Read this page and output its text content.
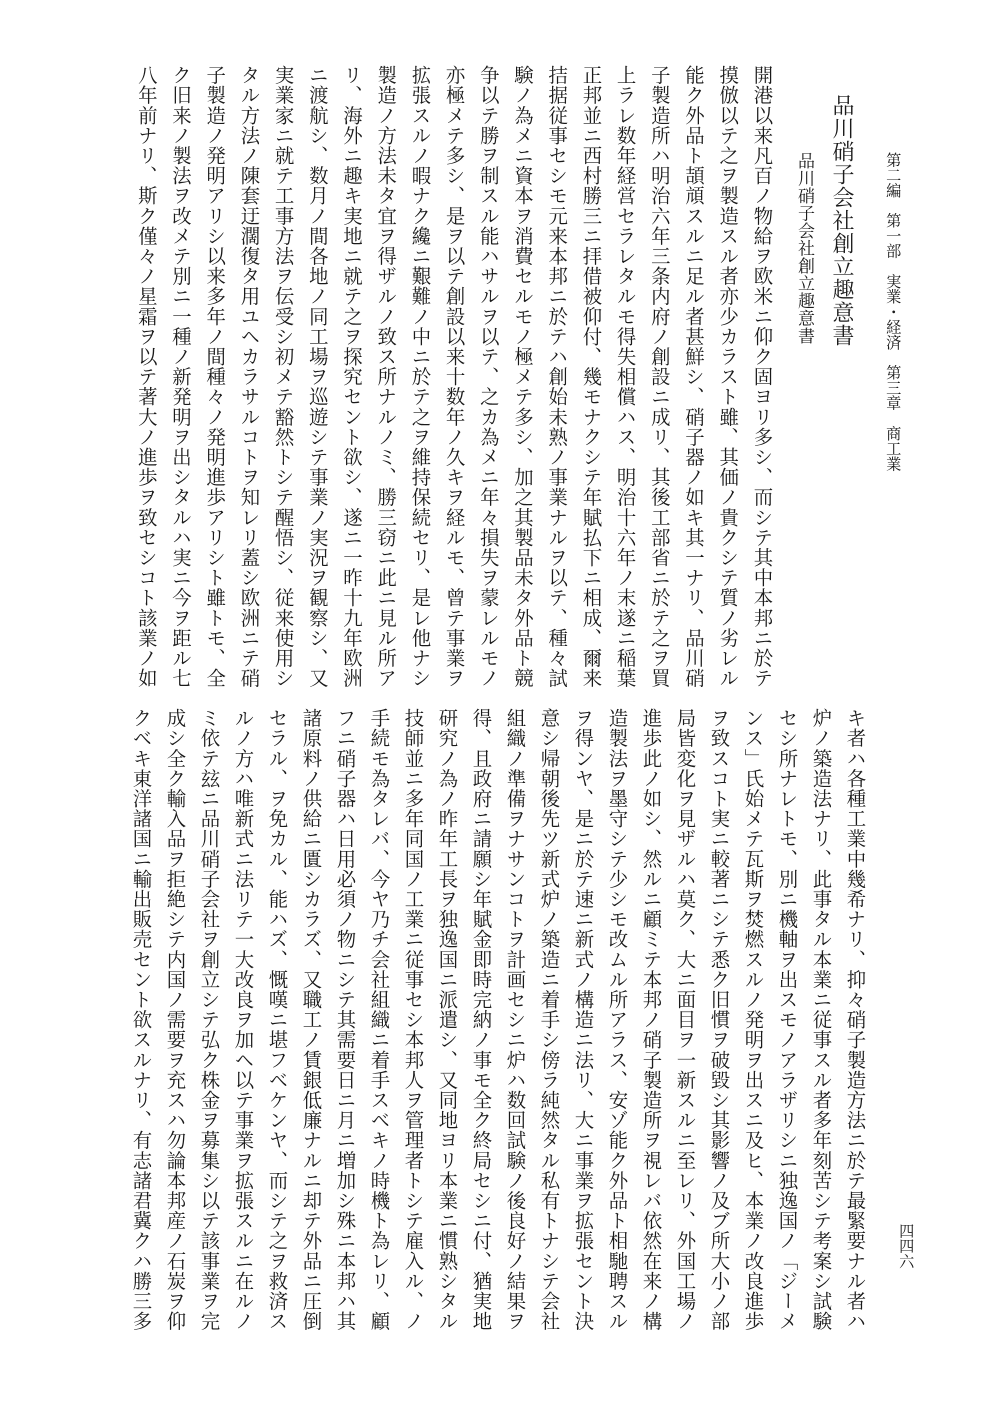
第二編　第一部　実業・経済　第三章　商工業
四四六
品川硝子会社創立趣意書
品川硝子会社創立趣意書
開港以来凡百ノ物給ヲ欧米ニ仰ク固ヨリ多シ、而シテ其中本邦ニ於テ
摸倣以テ之ヲ製造スル者亦少カラスト雖、其価ノ貴クシテ質ノ劣レル
能ク外品ト頡頏スルニ足ル者甚鮮シ、硝子器ノ如キ其一ナリ、品川硝
子製造所ハ明治六年三条内府ノ創設ニ成リ、其後工部省ニ於テ之ヲ買
上ラレ数年経営セラレタルモ得失相償ハス、明治十六年ノ末遂ニ稲葉
正邦並ニ西村勝三ニ拝借被仰付、幾モナクシテ年賦払下ニ相成、爾来
拮据従事セシモ元来本邦ニ於テハ創始未熟ノ事業ナルヲ以テ、種々試
験ノ為メニ資本ヲ消費セルモノ極メテ多シ、加之其製品未タ外品ト競
争以テ勝ヲ制スル能ハサルヲ以テ、之カ為メニ年々損失ヲ蒙レルモノ
亦極メテ多シ、是ヲ以テ創設以来十数年ノ久キヲ経ルモ、曾テ事業ヲ
拡張スルノ暇ナク纔ニ艱難ノ中ニ於テ之ヲ維持保続セリ、是レ他ナシ
製造ノ方法未タ宜ヲ得ザルノ致ス所ナルノミ、勝三窃ニ此ニ見ル所ア
リ、海外ニ趣キ実地ニ就テ之ヲ探究セント欲シ、遂ニ一昨十九年欧洲
ニ渡航シ、数月ノ間各地ノ同工場ヲ巡遊シテ事業ノ実況ヲ観察シ、又
実業家ニ就テ工事方法ヲ伝受シ初メテ豁然トシテ醒悟シ、従来使用シ
タル方法ノ陳套迂濶復タ用ユヘカラサルコトヲ知レリ蓋シ欧洲ニテ硝
子製造ノ発明アリシ以来多年ノ間種々ノ発明進歩アリシト雖トモ、全
ク旧来ノ製法ヲ改メテ別ニ一種ノ新発明ヲ出シタルハ実ニ今ヲ距ル七
八年前ナリ、斯ク僅々ノ星霜ヲ以テ著大ノ進歩ヲ致セシコト該業ノ如
キ者ハ各種工業中幾希ナリ、抑々硝子製造方法ニ於テ最緊要ナル者ハ
炉ノ築造法ナリ、此事タル本業ニ従事スル者多年刻苦シテ考案シ試験
セシ所ナレトモ、別ニ機軸ヲ出スモノアラザリシニ独逸国ノ「ジーメ
ンス」氏始メテ瓦斯ヲ焚燃スルノ発明ヲ出スニ及ヒ、本業ノ改良進歩
ヲ致スコト実ニ較著ニシテ悉ク旧慣ヲ破毀シ其影響ノ及ブ所大小ノ部
局皆変化ヲ見ザルハ莫ク、大ニ面目ヲ一新スルニ至レリ、外国工場ノ
進歩此ノ如シ、然ルニ顧ミテ本邦ノ硝子製造所ヲ視レバ依然在来ノ構
造製法ヲ墨守シテ少シモ改ムル所アラス、安ゾ能ク外品ト相馳聘スル
ヲ得ンヤ、是ニ於テ速ニ新式ノ構造ニ法リ、大ニ事業ヲ拡張セント決
意シ帰朝後先ツ新式炉ノ築造ニ着手シ傍ラ純然タル私有トナシテ会社
組織ノ準備ヲナサンコトヲ計画セシニ炉ハ数回試験ノ後良好ノ結果ヲ
得、且政府ニ請願シ年賦金即時完納ノ事モ全ク終局セシニ付、猶実地
研究ノ為ノ昨年工長ヲ独逸国ニ派遣シ、又同地ヨリ本業ニ慣熟シタル
技師並ニ多年同国ノ工業ニ従事セシ本邦人ヲ管理者トシテ雇入ル、ノ
手続モ為タレバ、今ヤ乃チ会社組織ニ着手スベキノ時機ト為レリ、顧
フニ硝子器ハ日用必須ノ物ニシテ其需要日ニ月ニ増加シ殊ニ本邦ハ其
諸原料ノ供給ニ匱シカラズ、又職工ノ賃銀低廉ナルニ却テ外品ニ圧倒
セラル、ヲ免カル、能ハズ、慨嘆ニ堪フベケンヤ、而シテ之ヲ救済ス
ルノ方ハ唯新式ニ法リテ一大改良ヲ加ヘ以テ事業ヲ拡張スルニ在ルノ
ミ依テ玆ニ品川硝子会社ヲ創立シテ弘ク株金ヲ募集シ以テ該事業ヲ完
成シ全ク輸入品ヲ拒絶シテ内国ノ需要ヲ充スハ勿論本邦産ノ石炭ヲ仰
クベキ東洋諸国ニ輸出販売セント欲スルナリ、有志諸君冀クハ勝三多
